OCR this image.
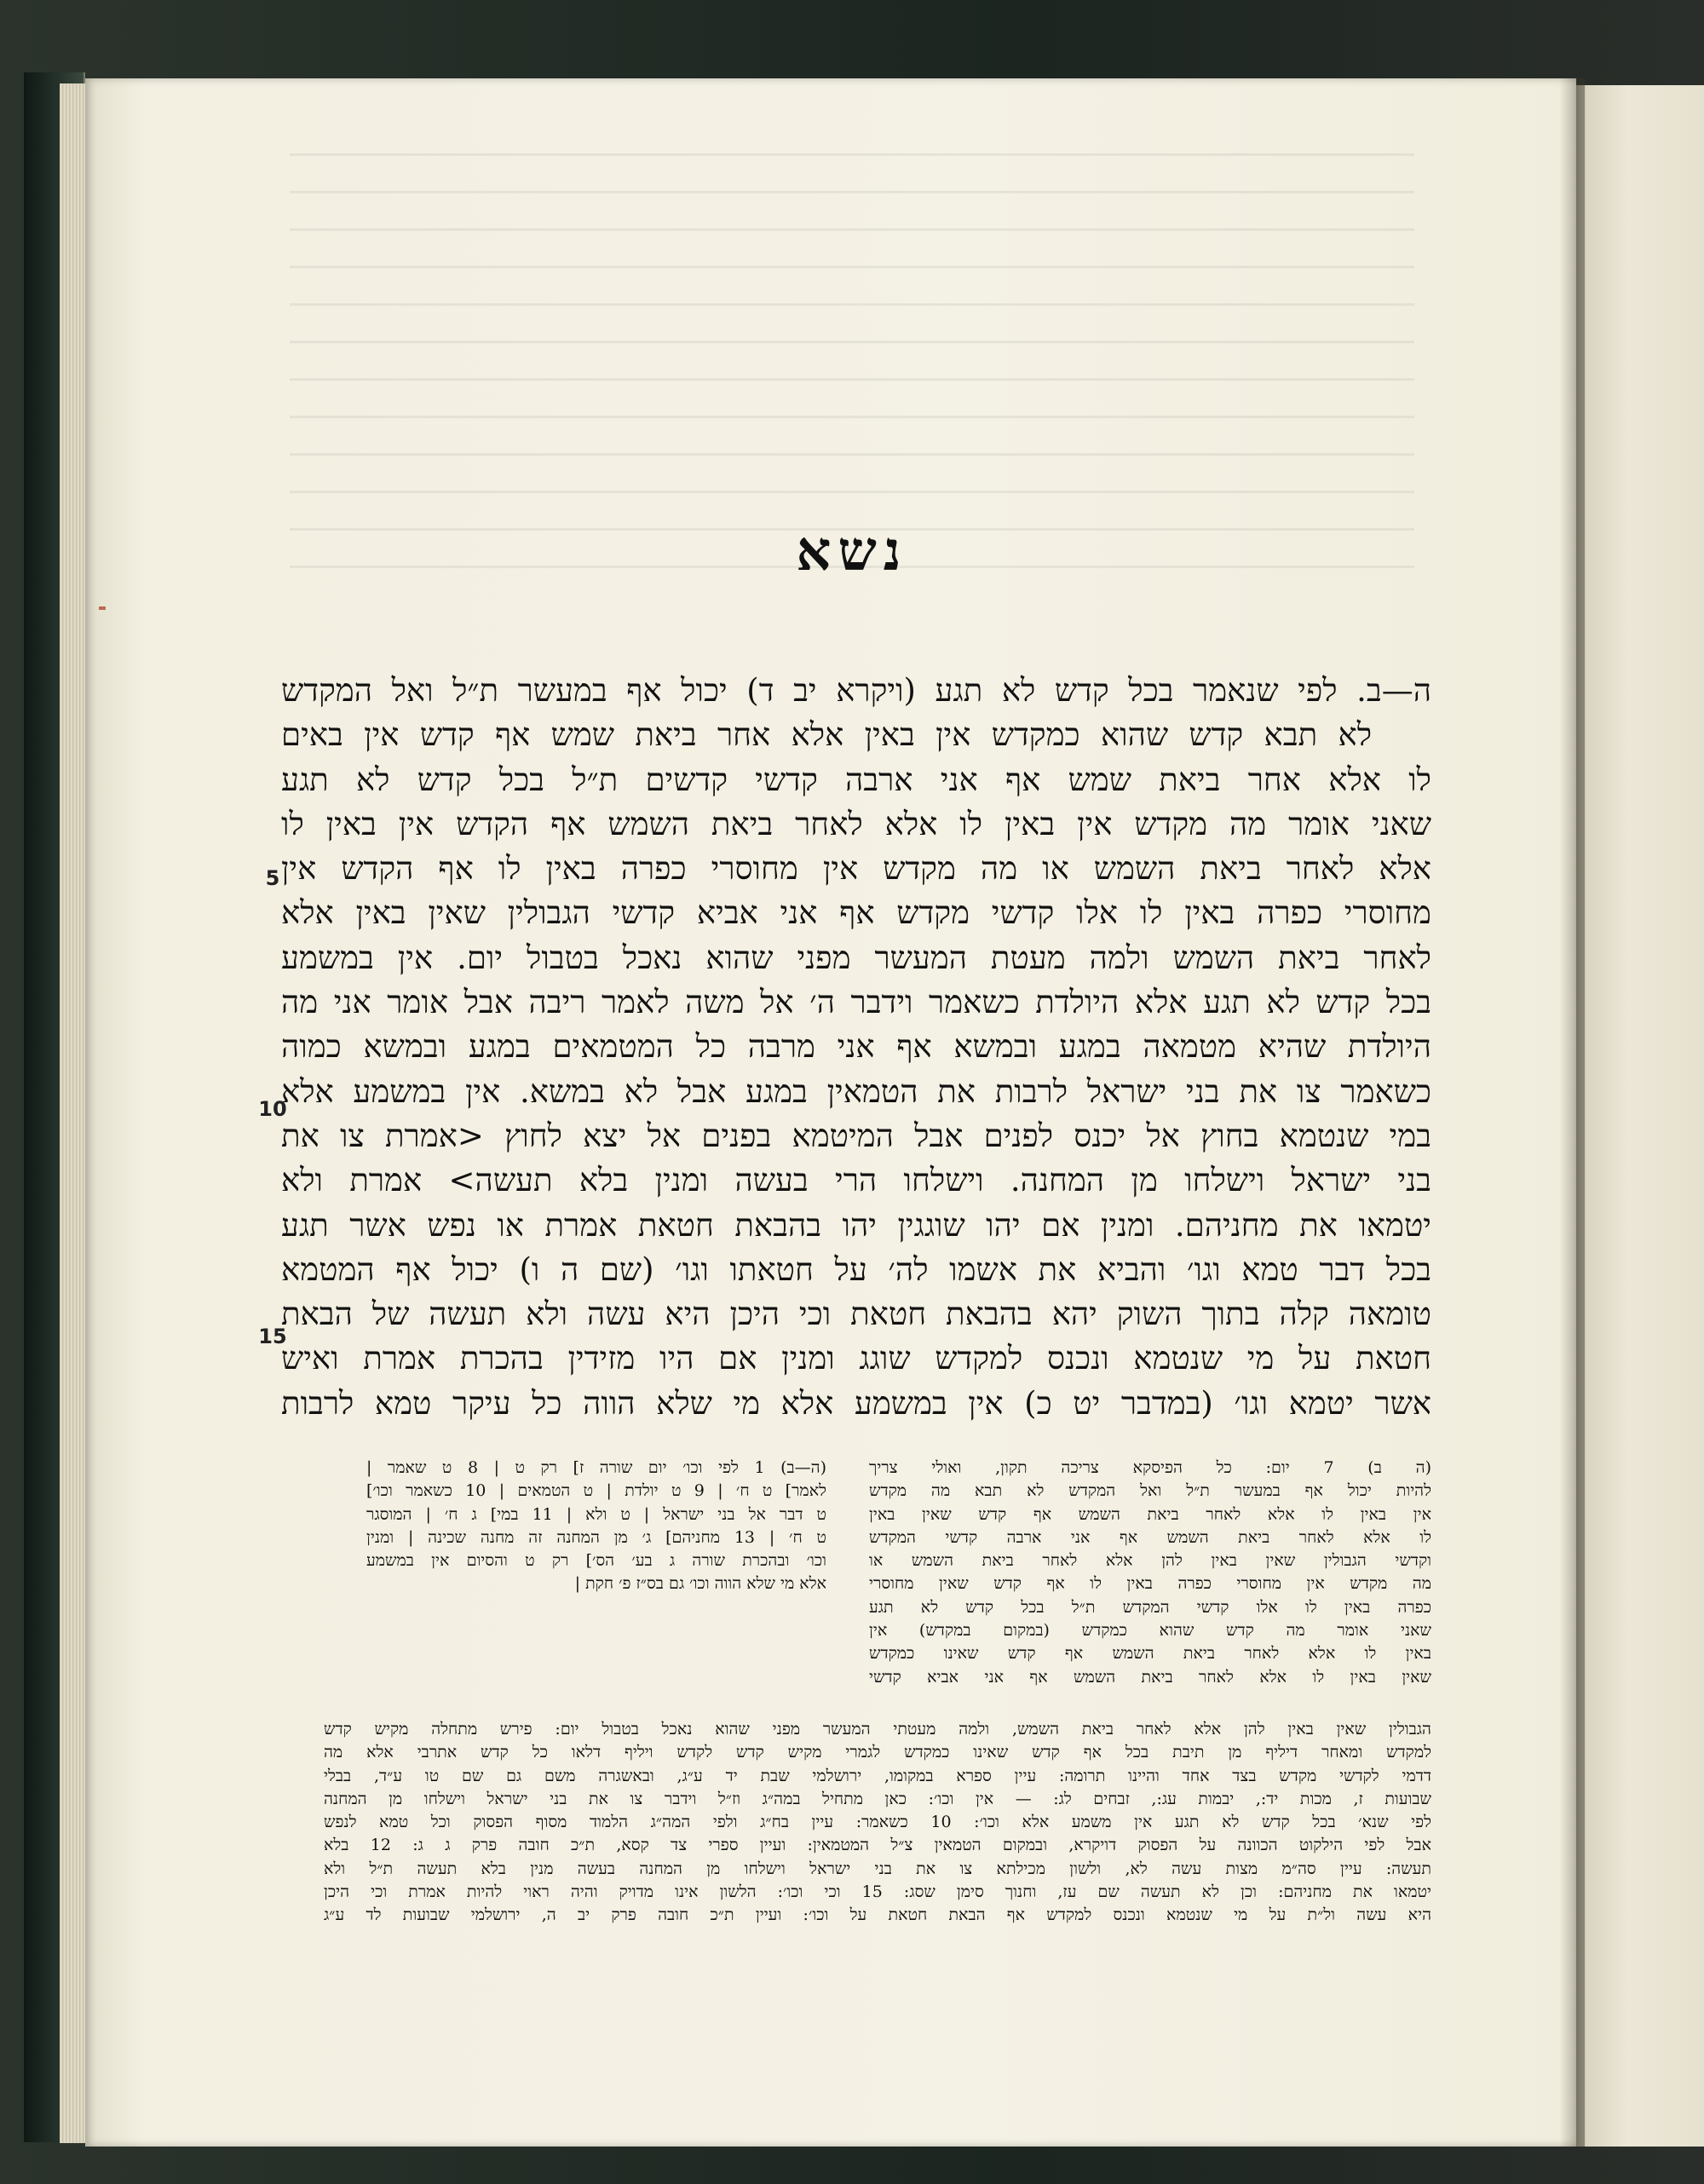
נשא
ה—ב. לפי שנאמר בכל קדש לא תגע (ויקרא יב ד) יכול אף במעשר ת״ל ואל המקדש
לא תבא קדש שהוא כמקדש אין באין אלא אחר ביאת שמש אף קדש אין באים
לו אלא אחר ביאת שמש אף אני ארבה קדשי קדשים ת״ל בכל קדש לא תגע
שאני אומר מה מקדש אין באין לו אלא לאחר ביאת השמש אף הקדש אין באין לו
אלא לאחר ביאת השמש או מה מקדש אין מחוסרי כפרה באין לו אף הקדש אין
מחוסרי כפרה באין לו אלו קדשי מקדש אף אני אביא קדשי הגבולין שאין באין אלא
לאחר ביאת השמש ולמה מעטת המעשר מפני שהוא נאכל בטבול יום. אין במשמע
בכל קדש לא תגע אלא היולדת כשאמר וידבר ה׳ אל משה לאמר ריבה אבל אומר אני מה
היולדת שהיא מטמאה במגע ובמשא אף אני מרבה כל המטמאים במגע ובמשא כמוה
כשאמר צו את בני ישראל לרבות את הטמאין במגע אבל לא במשא. אין במשמע אלא
במי שנטמא בחוץ אל יכנס לפנים אבל המיטמא בפנים אל יצא לחוץ <אמרת צו את
בני ישראל וישלחו מן המחנה. וישלחו הרי בעשה ומנין בלא תעשה> אמרת ולא
יטמאו את מחניהם. ומנין אם יהו שוגגין יהו בהבאת חטאת אמרת או נפש אשר תגע
בכל דבר טמא וגו׳ והביא את אשמו לה׳ על חטאתו וגו׳ (שם ה ו) יכול אף המטמא
טומאה קלה בתוך השוק יהא בהבאת חטאת וכי היכן היא עשה ולא תעשה של הבאת
חטאת על מי שנטמא ונכנס למקדש שוגג ומנין אם היו מזידין בהכרת אמרת ואיש
אשר יטמא וגו׳ (במדבר יט כ) אין במשמע אלא מי שלא הווה כל עיקר טמא לרבות
5
10
15
(ה ב) 7 יום: כל הפיסקא צריכה תקון, ואולי צריך
להיות יכול אף במעשר ת״ל ואל המקדש לא תבא מה מקדש
אין באין לו אלא לאחר ביאת השמש אף קדש שאין באין
לו אלא לאחר ביאת השמש אף אני ארבה קדשי המקדש
וקדשי הגבולין שאין באין להן אלא לאחר ביאת השמש או
מה מקדש אין מחוסרי כפרה באין לו אף קדש שאין מחוסרי
כפרה באין לו אלו קדשי המקדש ת״ל בכל קדש לא תגע
שאני אומר מה קדש שהוא כמקדש (במקום במקדש) אין
באין לו אלא לאחר ביאת השמש אף קדש שאינו כמקדש
שאין באין לו אלא לאחר ביאת השמש אף אני אביא קדשי
(ה—ב) 1 לפי וכו׳ יום שורה ז] רק ט | 8 ט שאמר |
לאמר] ט ח׳ | 9 ט יולדת | ט הטמאים | 10 כשאמר וכו׳]
ט דבר אל בני ישראל | ט ולא | 11 במי] ג ח׳ | המוסגר
ט ח׳ | 13 מחניהם] ג׳ מן המחנה זה מחנה שכינה | ומנין
וכו׳ ובהכרת שורה ג בע׳ הס׳] רק ט והסיום אין במשמע
אלא מי שלא הווה וכו׳ גם בס״ז פ׳ חקת |
הגבולין שאין באין להן אלא לאחר ביאת השמש, ולמה מעטתי המעשר מפני שהוא נאכל בטבול יום: פירש מתחלה מקיש קדש
למקדש ומאחר דיליף מן תיבת בכל אף קדש שאינו כמקדש לגמרי מקיש קדש לקדש ויליף דלאו כל קדש אתרבי אלא מה
דדמי לקדשי מקדש בצד אחד והיינו תרומה: עיין ספרא במקומו, ירושלמי שבת יד ע״ג, ובאשגרה משם גם שם טו ע״ד, בבלי
שבועות ז, מכות יד:, יבמות עג:, זבחים לג: — אין וכו׳: כאן מתחיל במה״ג וז״ל וידבר צו את בני ישראל וישלחו מן המחנה
לפי שנא׳ בכל קדש לא תגע אין משמע אלא וכו׳: 10 כשאמר: עיין בח״ג ולפי המה״ג הלמוד מסוף הפסוק וכל טמא לנפש
אבל לפי הילקוט הכוונה על הפסוק דויקרא, ובמקום הטמאין צ״ל המטמאין: ועיין ספרי צד קסא, ת״כ חובה פרק ג ג: 12 בלא
תעשה: עיין סה״מ מצות עשה לא, ולשון מכילתא צו את בני ישראל וישלחו מן המחנה בעשה מנין בלא תעשה ת״ל ולא
יטמאו את מחניהם: וכן לא תעשה שם עז, וחנוך סימן שסג: 15 וכי וכו׳: הלשון אינו מדויק והיה ראוי להיות אמרת וכי היכן
היא עשה ול״ת על מי שנטמא ונכנס למקדש אף הבאת חטאת על וכו׳: ועיין ת״כ חובה פרק יב ה, ירושלמי שבועות לד ע״ג
